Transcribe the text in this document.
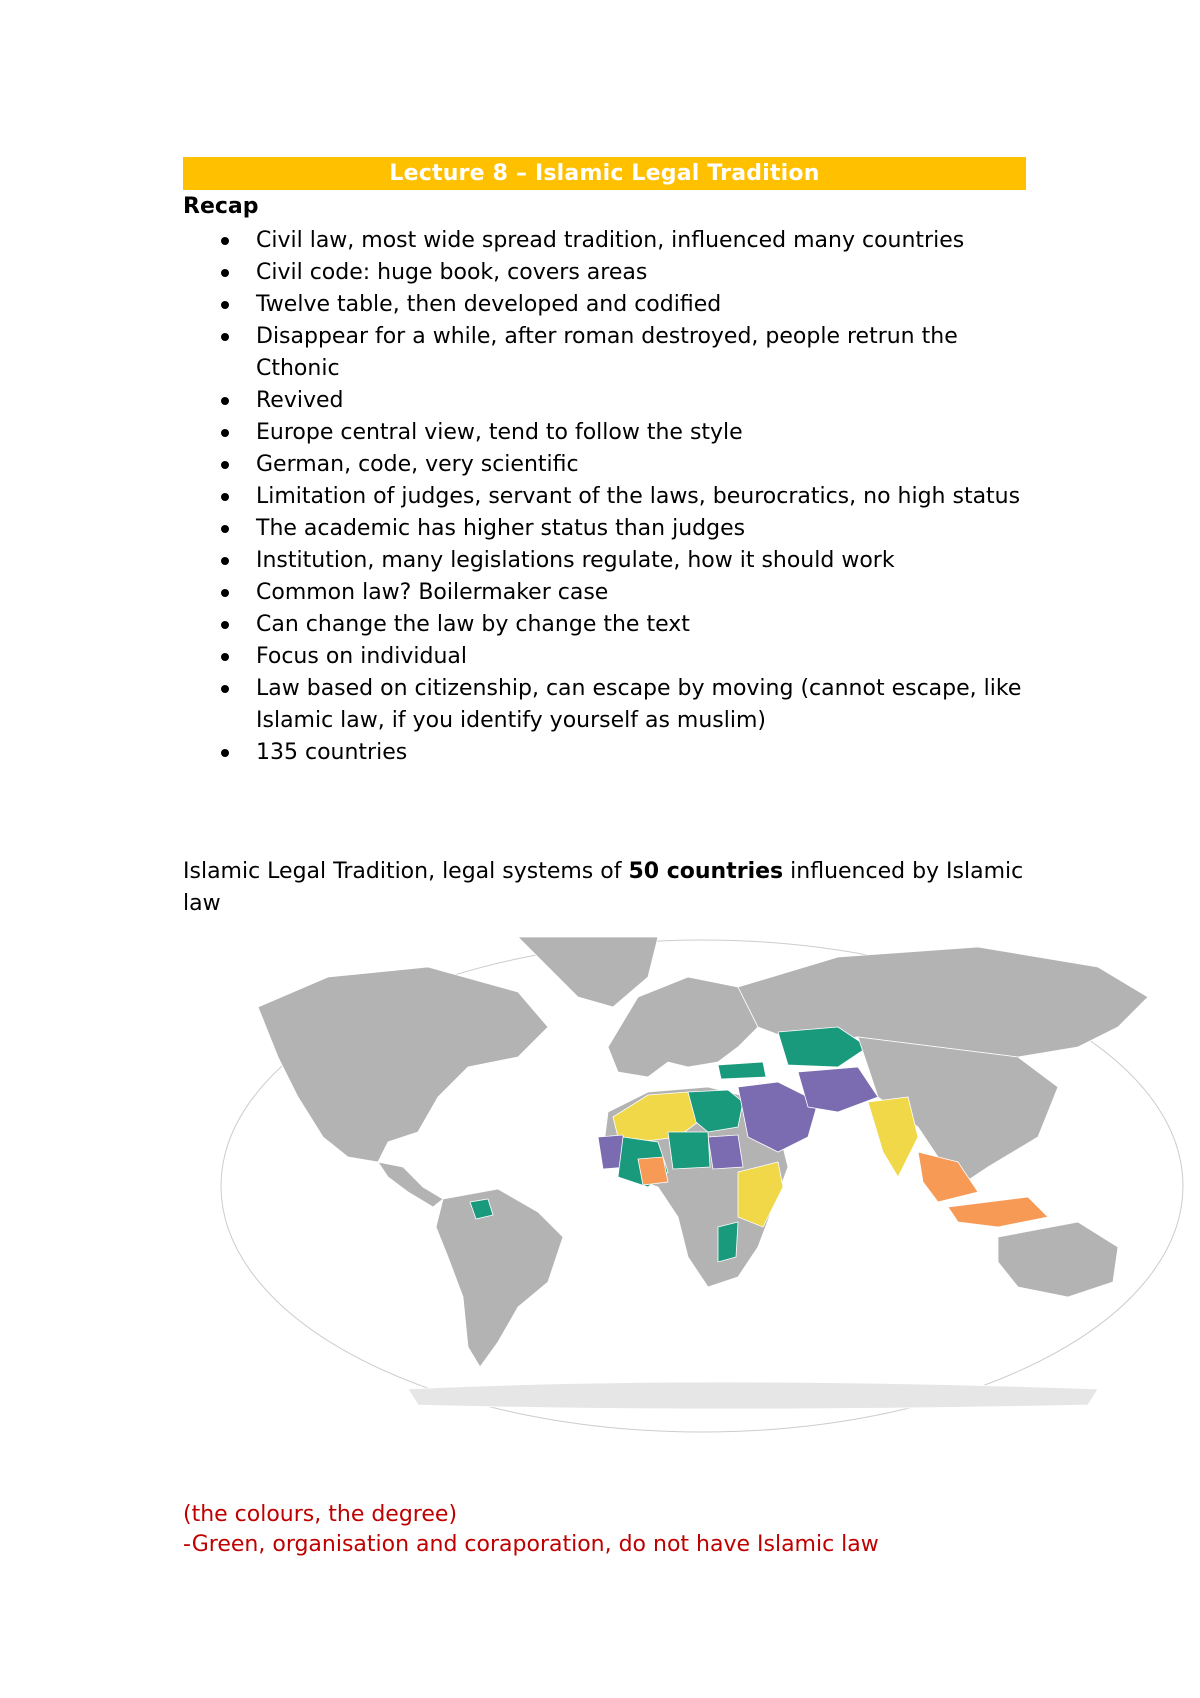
Lecture 8 – Islamic Legal Tradition
Recap
Civil law, most wide spread tradition, influenced many countries
Civil code: huge book, covers areas
Twelve table, then developed and codified
Disappear for a while, after roman destroyed, people retrun the Cthonic
Revived
Europe central view, tend to follow the style
German, code, very scientific
Limitation of judges, servant of the laws, beurocratics, no high status
The academic has higher status than judges
Institution, many legislations regulate, how it should work
Common law? Boilermaker case
Can change the law by change the text
Focus on individual
Law based on citizenship, can escape by moving (cannot escape, like Islamic law, if you identify yourself as muslim)
135 countries

Islamic Legal Tradition, legal systems of 50 countries influenced by Islamic law

(the colours, the degree)
-Green, organisation and coraporation, do not have Islamic law
